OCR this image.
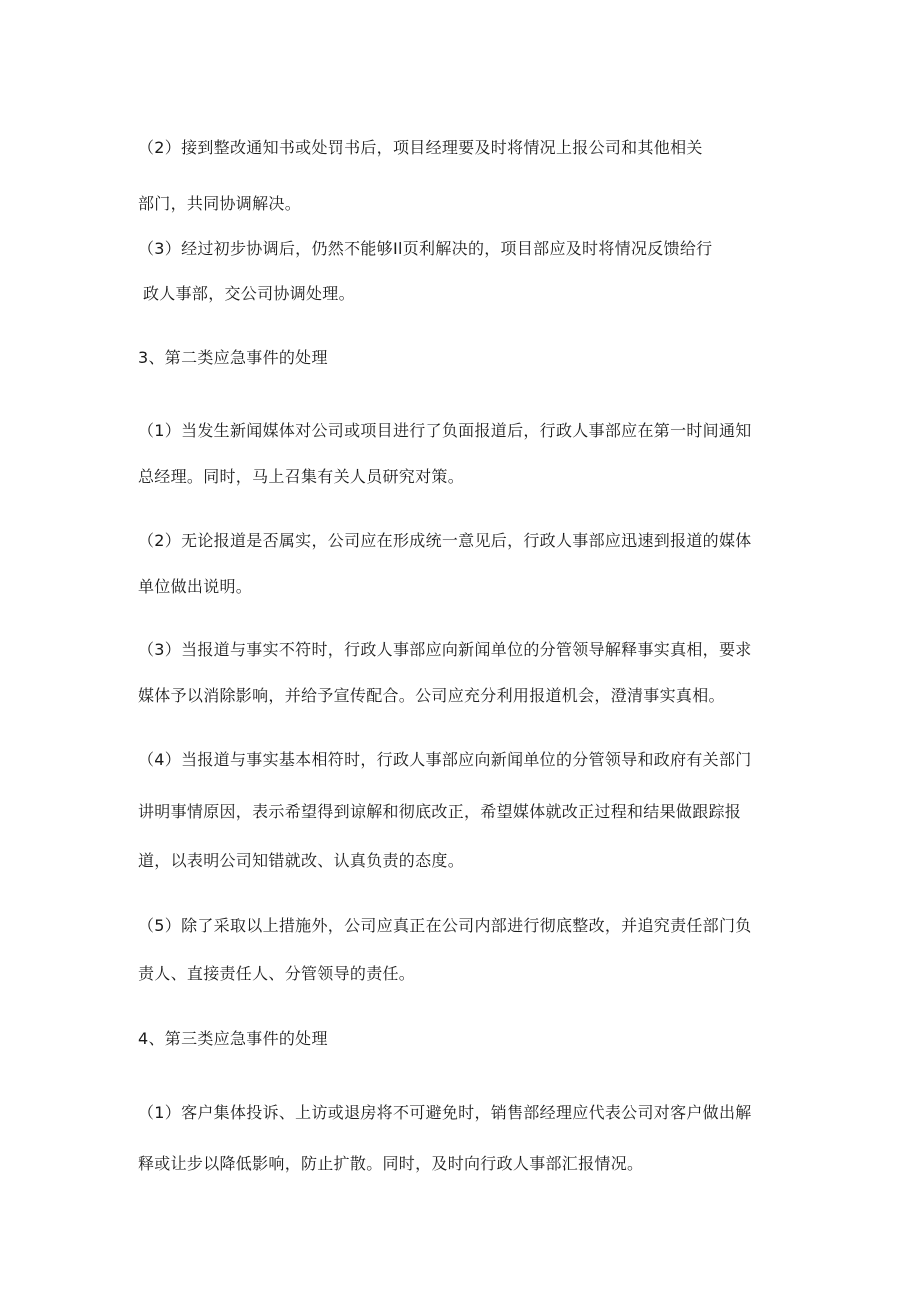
（2）接到整改通知书或处罚书后，项目经理要及时将情况上报公司和其他相关
部门，共同协调解决。
（3）经过初步协调后，仍然不能够Il页利解决的，项目部应及时将情况反馈给行
政人事部，交公司协调处理。
3、第二类应急事件的处理
（1）当发生新闻媒体对公司或项目进行了负面报道后，行政人事部应在第一时间通知
总经理。同时，马上召集有关人员研究对策。
（2）无论报道是否属实，公司应在形成统一意见后，行政人事部应迅速到报道的媒体
单位做出说明。
（3）当报道与事实不符时，行政人事部应向新闻单位的分管领导解释事实真相，要求
媒体予以消除影响，并给予宣传配合。公司应充分利用报道机会，澄清事实真相。
（4）当报道与事实基本相符时，行政人事部应向新闻单位的分管领导和政府有关部门
讲明事情原因，表示希望得到谅解和彻底改正，希望媒体就改正过程和结果做跟踪报
道，以表明公司知错就改、认真负责的态度。
（5）除了采取以上措施外，公司应真正在公司内部进行彻底整改，并追究责任部门负
责人、直接责任人、分管领导的责任。
4、第三类应急事件的处理
（1）客户集体投诉、上访或退房将不可避免时，销售部经理应代表公司对客户做出解
释或让步以降低影响，防止扩散。同时，及时向行政人事部汇报情况。
